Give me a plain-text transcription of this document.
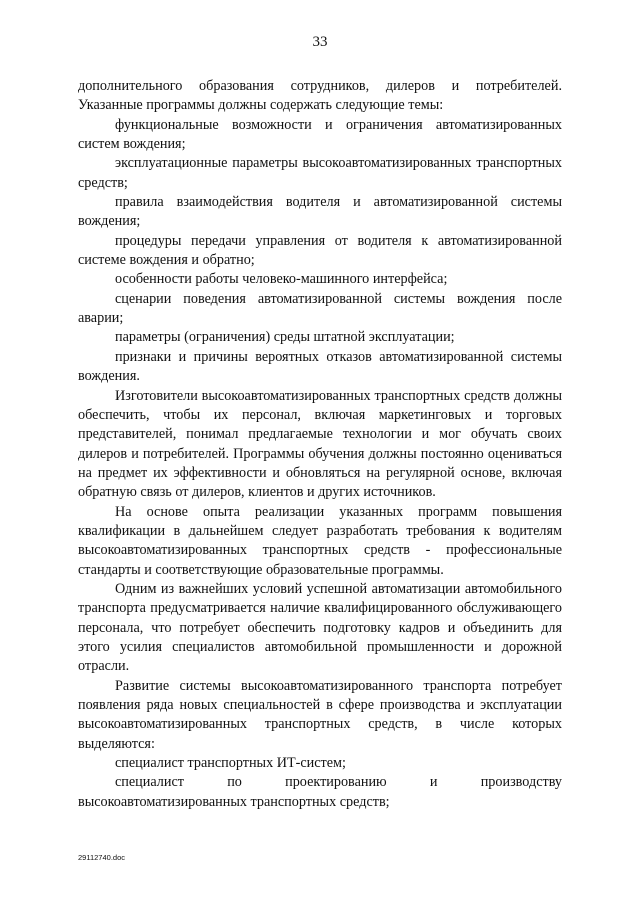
33

дополнительного образования сотрудников, дилеров и потребителей. Указанные программы должны содержать следующие темы:

функциональные возможности и ограничения автоматизированных систем вождения;

эксплуатационные параметры высокоавтоматизированных транспортных средств;

правила взаимодействия водителя и автоматизированной системы вождения;

процедуры передачи управления от водителя к автоматизированной системе вождения и обратно;

особенности работы человеко-машинного интерфейса;

сценарии поведения автоматизированной системы вождения после аварии;

параметры (ограничения) среды штатной эксплуатации;

признаки и причины вероятных отказов автоматизированной системы вождения.

Изготовители высокоавтоматизированных транспортных средств должны обеспечить, чтобы их персонал, включая маркетинговых и торговых представителей, понимал предлагаемые технологии и мог обучать своих дилеров и потребителей. Программы обучения должны постоянно оцениваться на предмет их эффективности и обновляться на регулярной основе, включая обратную связь от дилеров, клиентов и других источников.

На основе опыта реализации указанных программ повышения квалификации в дальнейшем следует разработать требования к водителям высокоавтоматизированных транспортных средств - профессиональные стандарты и соответствующие образовательные программы.

Одним из важнейших условий успешной автоматизации автомобильного транспорта предусматривается наличие квалифицированного обслуживающего персонала, что потребует обеспечить подготовку кадров и объединить для этого усилия специалистов автомобильной промышленности и дорожной отрасли.

Развитие системы высокоавтоматизированного транспорта потребует появления ряда новых специальностей в сфере производства и эксплуатации высокоавтоматизированных транспортных средств, в числе которых выделяются:

специалист транспортных ИТ-систем;

специалист по проектированию и производству высокоавтоматизированных транспортных средств;

29112740.doc
